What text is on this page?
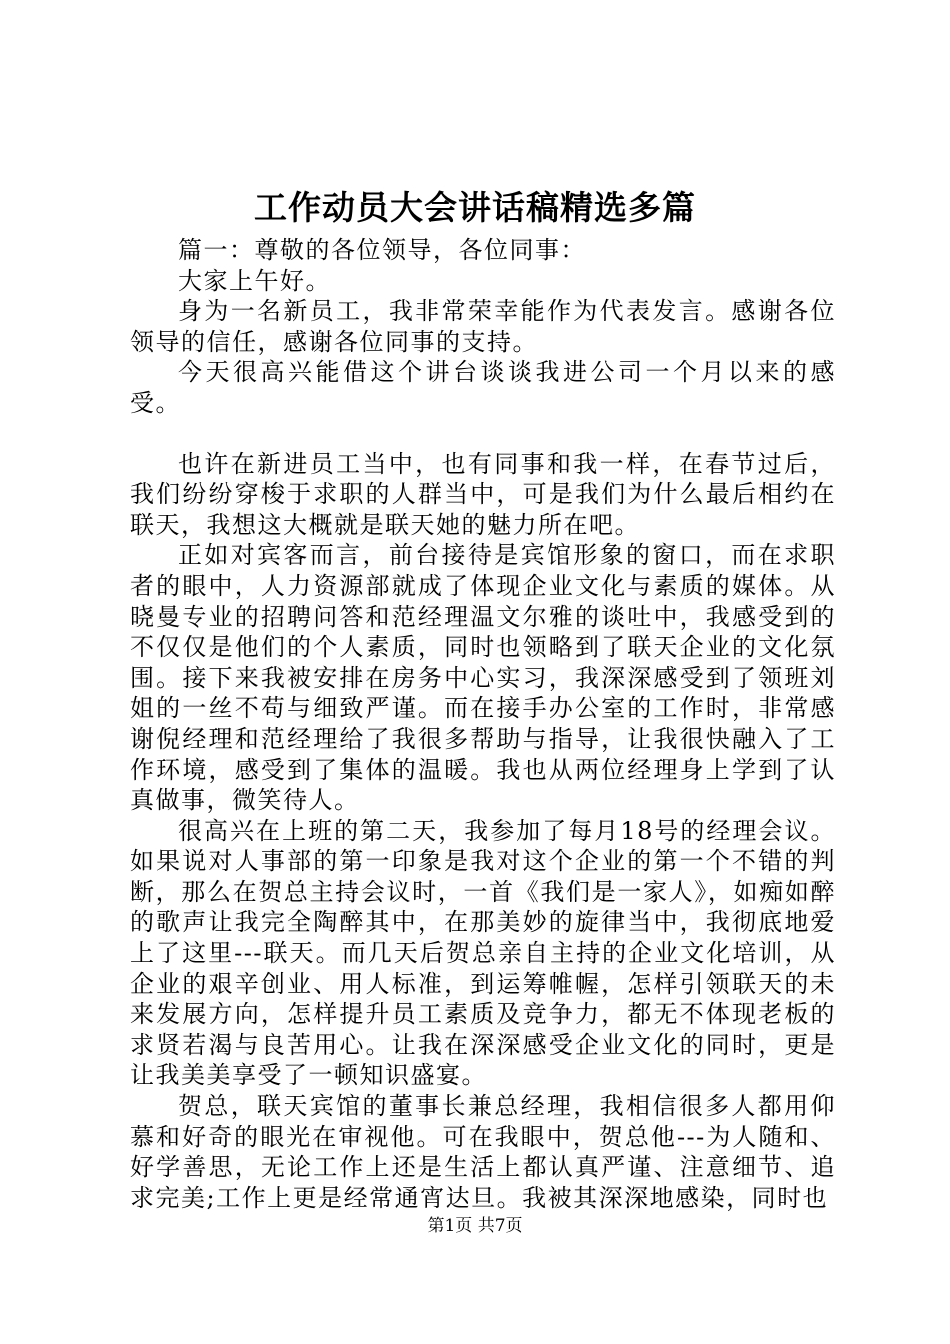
工作动员大会讲话稿精选多篇

篇一：尊敬的各位领导，各位同事：

大家上午好。

身为一名新员工，我非常荣幸能作为代表发言。感谢各位领导的信任，感谢各位同事的支持。

今天很高兴能借这个讲台谈谈我进公司一个月以来的感受。

也许在新进员工当中，也有同事和我一样，在春节过后，我们纷纷穿梭于求职的人群当中，可是我们为什么最后相约在联天，我想这大概就是联天她的魅力所在吧。

正如对宾客而言，前台接待是宾馆形象的窗口，而在求职者的眼中，人力资源部就成了体现企业文化与素质的媒体。从晓曼专业的招聘问答和范经理温文尔雅的谈吐中，我感受到的不仅仅是他们的个人素质，同时也领略到了联天企业的文化氛围。接下来我被安排在房务中心实习，我深深感受到了领班刘姐的一丝不苟与细致严谨。而在接手办公室的工作时，非常感谢倪经理和范经理给了我很多帮助与指导，让我很快融入了工作环境，感受到了集体的温暖。我也从两位经理身上学到了认真做事，微笑待人。

很高兴在上班的第二天，我参加了每月18号的经理会议。如果说对人事部的第一印象是我对这个企业的第一个不错的判断，那么在贺总主持会议时，一首《我们是一家人》，如痴如醉的歌声让我完全陶醉其中，在那美妙的旋律当中，我彻底地爱上了这里---联天。而几天后贺总亲自主持的企业文化培训，从企业的艰辛创业、用人标准，到运筹帷幄，怎样引领联天的未来发展方向，怎样提升员工素质及竞争力，都无不体现老板的求贤若渴与良苦用心。让我在深深感受企业文化的同时，更是让我美美享受了一顿知识盛宴。

贺总，联天宾馆的董事长兼总经理，我相信很多人都用仰慕和好奇的眼光在审视他。可在我眼中，贺总他---为人随和、好学善思，无论工作上还是生活上都认真严谨、注意细节、追求完美;工作上更是经常通宵达旦。我被其深深地感染，同时也

第1页 共7页
